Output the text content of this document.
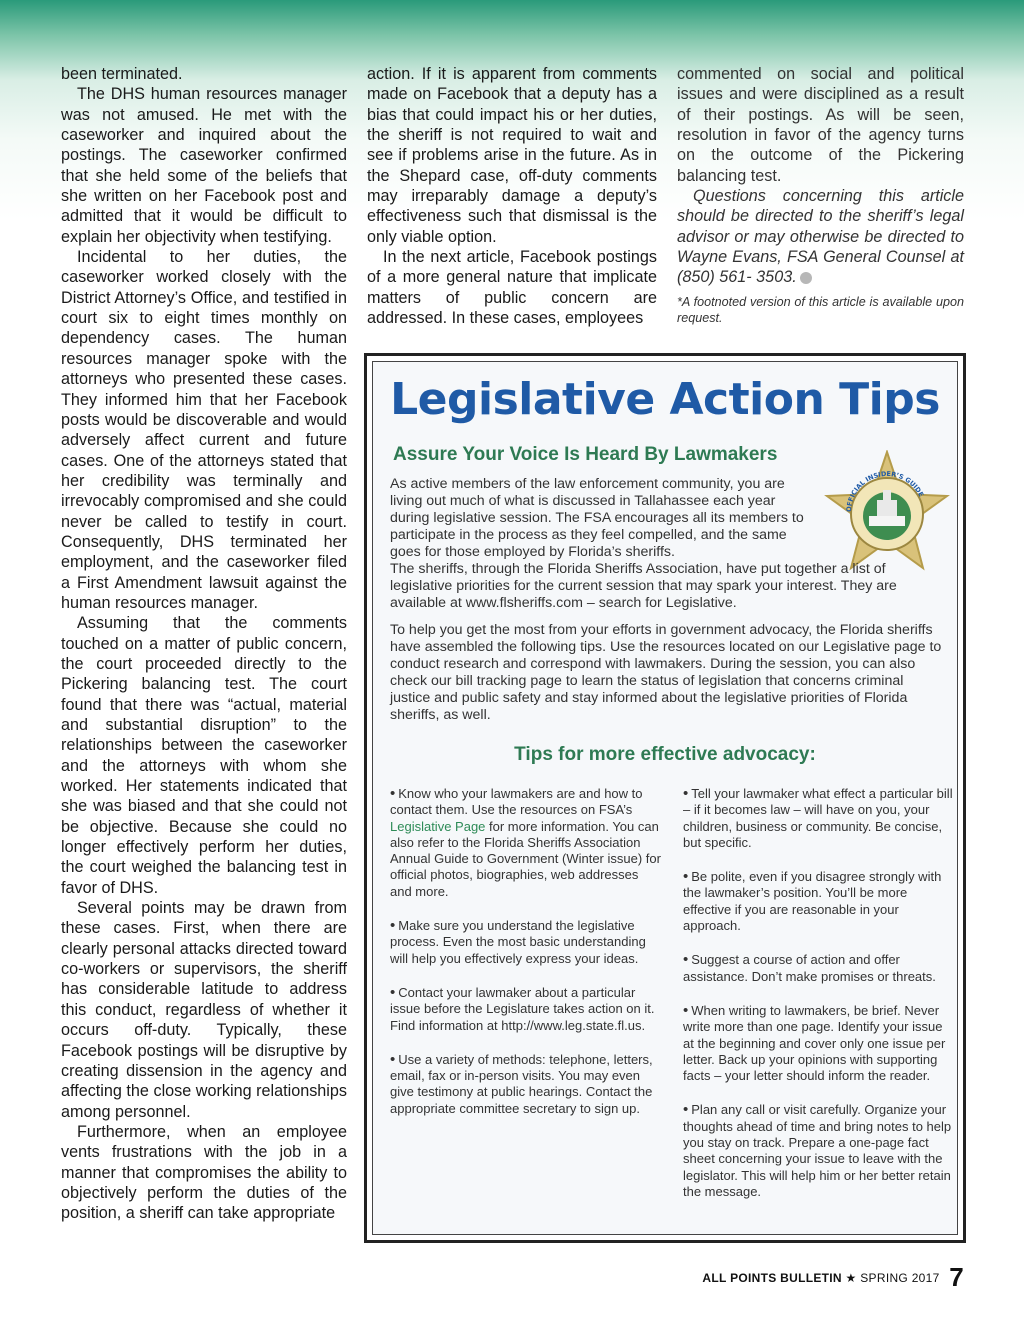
been terminated.

The DHS human resources manager was not amused. He met with the caseworker and inquired about the postings. The caseworker confirmed that she held some of the beliefs that she written on her Facebook post and admitted that it would be difficult to explain her objectivity when testifying.

Incidental to her duties, the caseworker worked closely with the District Attorney’s Office, and testified in court six to eight times monthly on dependency cases. The human resources manager spoke with the attorneys who presented these cases. They informed him that her Facebook posts would be discoverable and would adversely affect current and future cases. One of the attorneys stated that her credibility was terminally and irrevocably compromised and she could never be called to testify in court. Consequently, DHS terminated her employment, and the caseworker filed a First Amendment lawsuit against the human resources manager.

Assuming that the comments touched on a matter of public concern, the court proceeded directly to the Pickering balancing test. The court found that there was “actual, material and substantial disruption” to the relationships between the caseworker and the attorneys with whom she worked. Her statements indicated that she was biased and that she could not be objective. Because she could no longer effectively perform her duties, the court weighed the balancing test in favor of DHS.

Several points may be drawn from these cases. First, when there are clearly personal attacks directed toward co-workers or supervisors, the sheriff has considerable latitude to address this conduct, regardless of whether it occurs off-duty. Typically, these Facebook postings will be disruptive by creating dissension in the agency and affecting the close working relationships among personnel.

Furthermore, when an employee vents frustrations with the job in a manner that compromises the ability to objectively perform the duties of the position, a sheriff can take appropriate

action. If it is apparent from comments made on Facebook that a deputy has a bias that could impact his or her duties, the sheriff is not required to wait and see if problems arise in the future. As in the Shepard case, off-duty comments may irreparably damage a deputy’s effectiveness such that dismissal is the only viable option.

In the next article, Facebook postings of a more general nature that implicate matters of public concern are addressed. In these cases, employees

commented on social and political issues and were disciplined as a result of their postings. As will be seen, resolution in favor of the agency turns on the outcome of the Pickering balancing test.

Questions concerning this article should be directed to the sheriff’s legal advisor or may otherwise be directed to Wayne Evans, FSA General Counsel at (850) 561- 3503. ✪

*A footnoted version of this article is available upon request.

Legislative Action Tips
Assure Your Voice Is Heard By Lawmakers
OFFICIAL INSIDER’S GUIDE

As active members of the law enforcement community, you are living out much of what is discussed in Tallahassee each year during legislative session. The FSA encourages all its members to participate in the process as they feel compelled, and the same goes for those employed by Florida’s sheriffs.

The sheriffs, through the Florida Sheriffs Association, have put together a list of legislative priorities for the current session that may spark your interest. They are available at www.flsheriffs.com – search for Legislative.

To help you get the most from your efforts in government advocacy, the Florida sheriffs have assembled the following tips. Use the resources located on our Legislative page to conduct research and correspond with lawmakers. During the session, you can also check our bill tracking page to learn the status of legislation that concerns criminal justice and public safety and stay informed about the legislative priorities of Florida sheriffs, as well.

Tips for more effective advocacy:

• Know who your lawmakers are and how to contact them. Use the resources on FSA’s Legislative Page for more information. You can also refer to the Florida Sheriffs Association Annual Guide to Government (Winter issue) for official photos, biographies, web addresses and more.

• Make sure you understand the legislative process. Even the most basic understanding will help you effectively express your ideas.

• Contact your lawmaker about a particular issue before the Legislature takes action on it. Find information at http://www.leg.state.fl.us.

• Use a variety of methods: telephone, letters, email, fax or in-person visits. You may even give testimony at public hearings. Contact the appropriate committee secretary to sign up.

• Tell your lawmaker what effect a particular bill – if it becomes law – will have on you, your children, business or community. Be concise, but specific.

• Be polite, even if you disagree strongly with the lawmaker’s position. You’ll be more effective if you are reasonable in your approach.

• Suggest a course of action and offer assistance. Don’t make promises or threats.

• When writing to lawmakers, be brief. Never write more than one page. Identify your issue at the beginning and cover only one issue per letter. Back up your opinions with supporting facts – your letter should inform the reader.

• Plan any call or visit carefully. Organize your thoughts ahead of time and bring notes to help you stay on track. Prepare a one-page fact sheet concerning your issue to leave with the legislator. This will help him or her better retain the message.

ALL POINTS BULLETIN ★ SPRING 2017 7
